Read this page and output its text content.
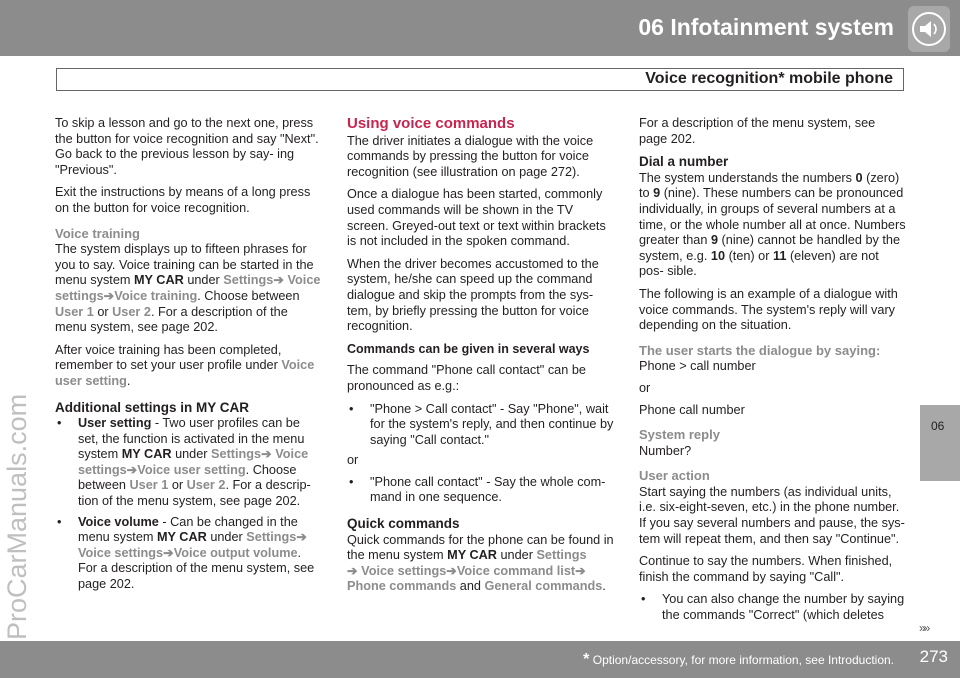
06 Infotainment system
Voice recognition* mobile phone
ProCarManuals.com	06
»»

To skip a lesson and go to the next one, press the button for voice recognition and say "Next". Go back to the previous lesson by say- ing "Previous".

Exit the instructions by means of a long press on the button for voice recognition.

Voice training

The system displays up to fifteen phrases for you to say. Voice training can be started in the menu system MY CAR under Settings➔ Voice settings➔Voice training. Choose between User 1 or User 2. For a description of the menu system, see page 202.

After voice training has been completed, remember to set your user profile under Voice user setting.

Additional settings in MY CAR
• User setting - Two user profiles can be set, the function is activated in the menu system MY CAR under Settings➔ Voice settings➔Voice user setting. Choose between User 1 or User 2. For a descrip- tion of the menu system, see page 202.
• Voice volume - Can be changed in the menu system MY CAR under Settings➔ Voice settings➔Voice output volume.
For a description of the menu system, see page 202.
Using voice commands

The driver initiates a dialogue with the voice commands by pressing the button for voice recognition (see illustration on page 272).

Once a dialogue has been started, commonly used commands will be shown in the TV screen. Greyed-out text or text within brackets is not included in the spoken command.

When the driver becomes accustomed to the system, he/she can speed up the command dialogue and skip the prompts from the sys- tem, by briefly pressing the button for voice recognition.

Commands can be given in several ways

The command "Phone call contact" can be pronounced as e.g.:

• "Phone > Call contact" - Say "Phone", wait for the system's reply, and then continue by saying "Call contact."
or
• "Phone call contact" - Say the whole com- mand in one sequence.
Quick commands

Quick commands for the phone can be found in the menu system MY CAR under Settings
➔ Voice settings➔Voice command list➔
Phone commands and General commands.

For a description of the menu system, see page 202.

Dial a number

The system understands the numbers 0 (zero) to 9 (nine). These numbers can be pronounced individually, in groups of several numbers at a time, or the whole number all at once. Numbers greater than 9 (nine) cannot be handled by the system, e.g. 10 (ten) or 11 (eleven) are not pos- sible.

The following is an example of a dialogue with voice commands. The system's reply will vary depending on the situation.

The user starts the dialogue by saying:
Phone > call number
or
Phone call number
System reply
Number?
User action

Start saying the numbers (as individual units, i.e. six-eight-seven, etc.) in the phone number. If you say several numbers and pause, the sys- tem will repeat them, and then say "Continue".

Continue to say the numbers. When finished, finish the command by saying "Call".

• You can also change the number by saying the commands "Correct" (which deletes
* Option/accessory, for more information, see Introduction. 273
